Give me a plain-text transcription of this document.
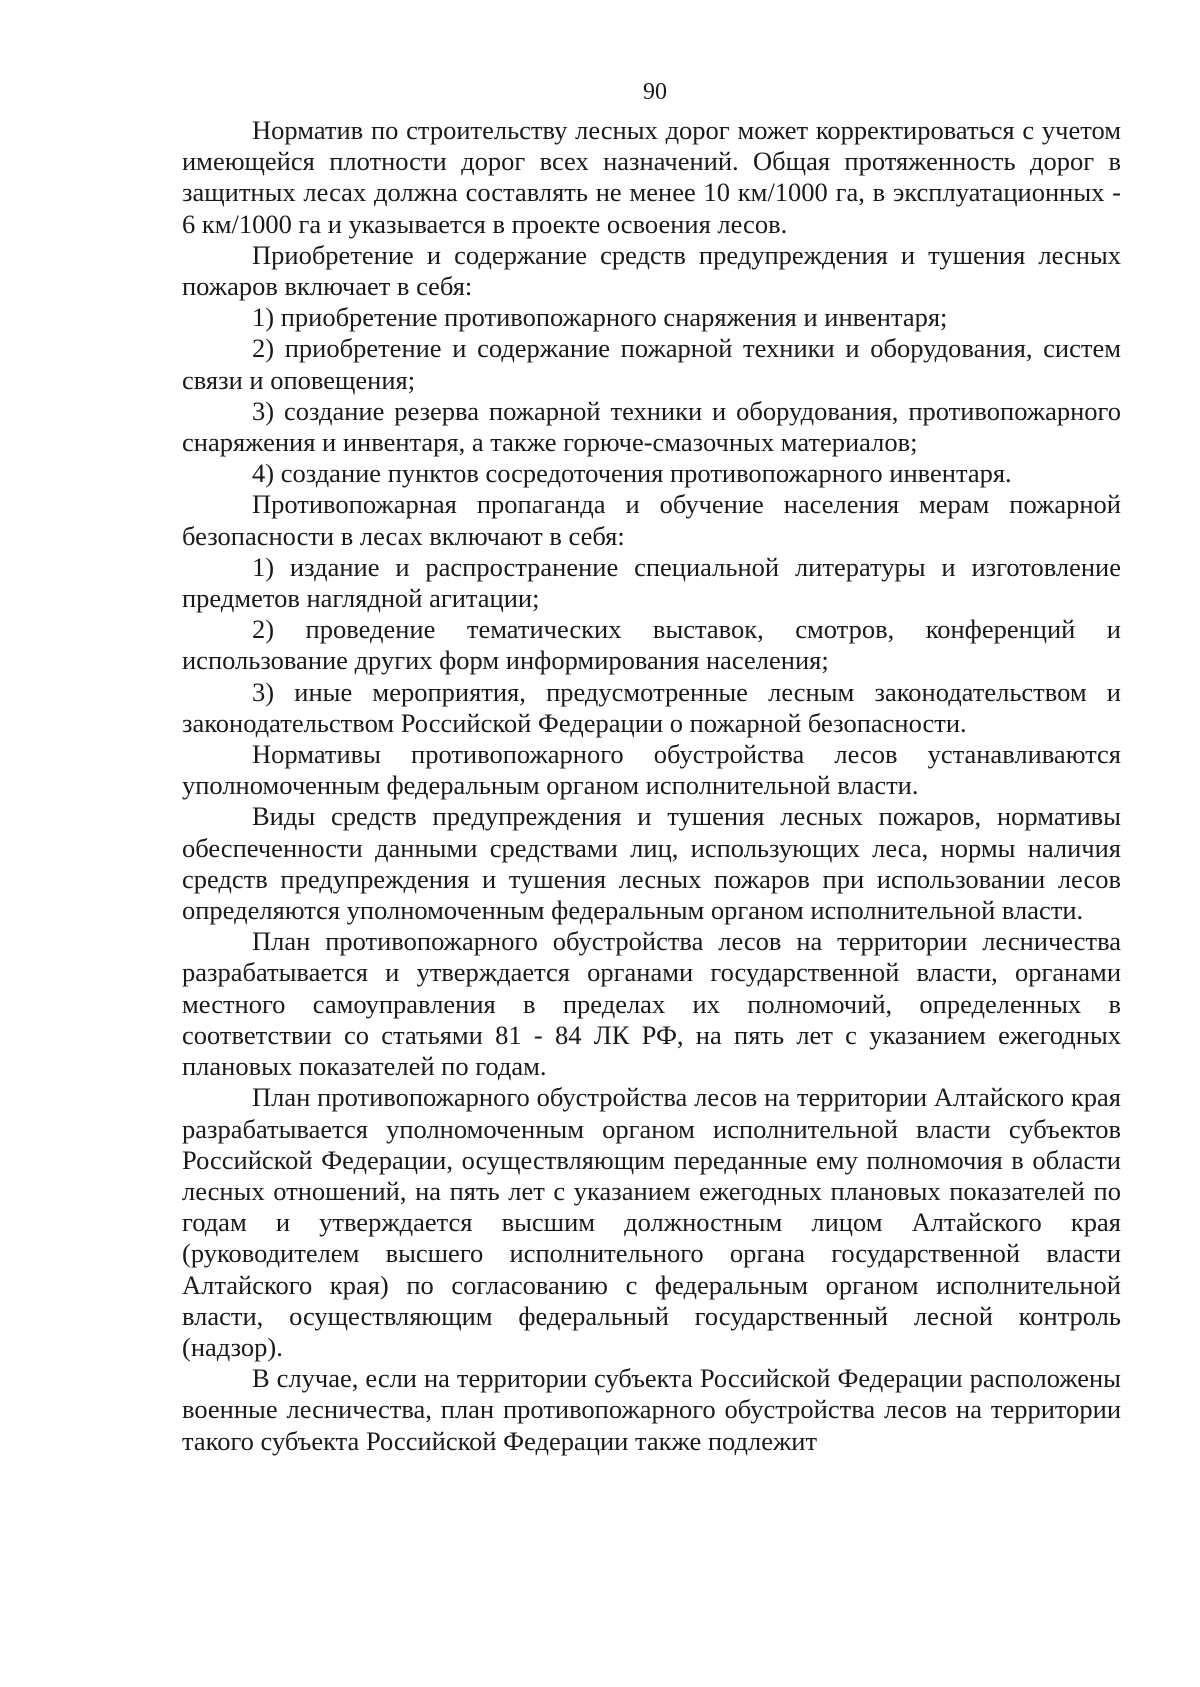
90

Норматив по строительству лесных дорог может корректироваться с учетом имеющейся плотности дорог всех назначений. Общая протяженность дорог в защитных лесах должна составлять не менее 10 км/1000 га, в эксплуатационных - 6 км/1000 га и указывается в проекте освоения лесов.

Приобретение и содержание средств предупреждения и тушения лесных пожаров включает в себя:

1) приобретение противопожарного снаряжения и инвентаря;

2) приобретение и содержание пожарной техники и оборудования, систем связи и оповещения;

3) создание резерва пожарной техники и оборудования, противопожарного снаряжения и инвентаря, а также горюче-смазочных материалов;

4) создание пунктов сосредоточения противопожарного инвентаря.

Противопожарная пропаганда и обучение населения мерам пожарной безопасности в лесах включают в себя:

1) издание и распространение специальной литературы и изготовление предметов наглядной агитации;

2) проведение тематических выставок, смотров, конференций и использование других форм информирования населения;

3) иные мероприятия, предусмотренные лесным законодательством и законодательством Российской Федерации о пожарной безопасности.

Нормативы противопожарного обустройства лесов устанавливаются уполномоченным федеральным органом исполнительной власти.

Виды средств предупреждения и тушения лесных пожаров, нормативы обеспеченности данными средствами лиц, использующих леса, нормы наличия средств предупреждения и тушения лесных пожаров при использовании лесов определяются уполномоченным федеральным органом исполнительной власти.

План противопожарного обустройства лесов на территории лесничества разрабатывается и утверждается органами государственной власти, органами местного самоуправления в пределах их полномочий, определенных в соответствии со статьями 81 - 84 ЛК РФ, на пять лет с указанием ежегодных плановых показателей по годам.

План противопожарного обустройства лесов на территории Алтайского края разрабатывается уполномоченным органом исполнительной власти субъектов Российской Федерации, осуществляющим переданные ему полномочия в области лесных отношений, на пять лет с указанием ежегодных плановых показателей по годам и утверждается высшим должностным лицом Алтайского края (руководителем высшего исполнительного органа государственной власти Алтайского края) по согласованию с федеральным органом исполнительной власти, осуществляющим федеральный государственный лесной контроль (надзор).

В случае, если на территории субъекта Российской Федерации расположены военные лесничества, план противопожарного обустройства лесов на территории такого субъекта Российской Федерации также подлежит
